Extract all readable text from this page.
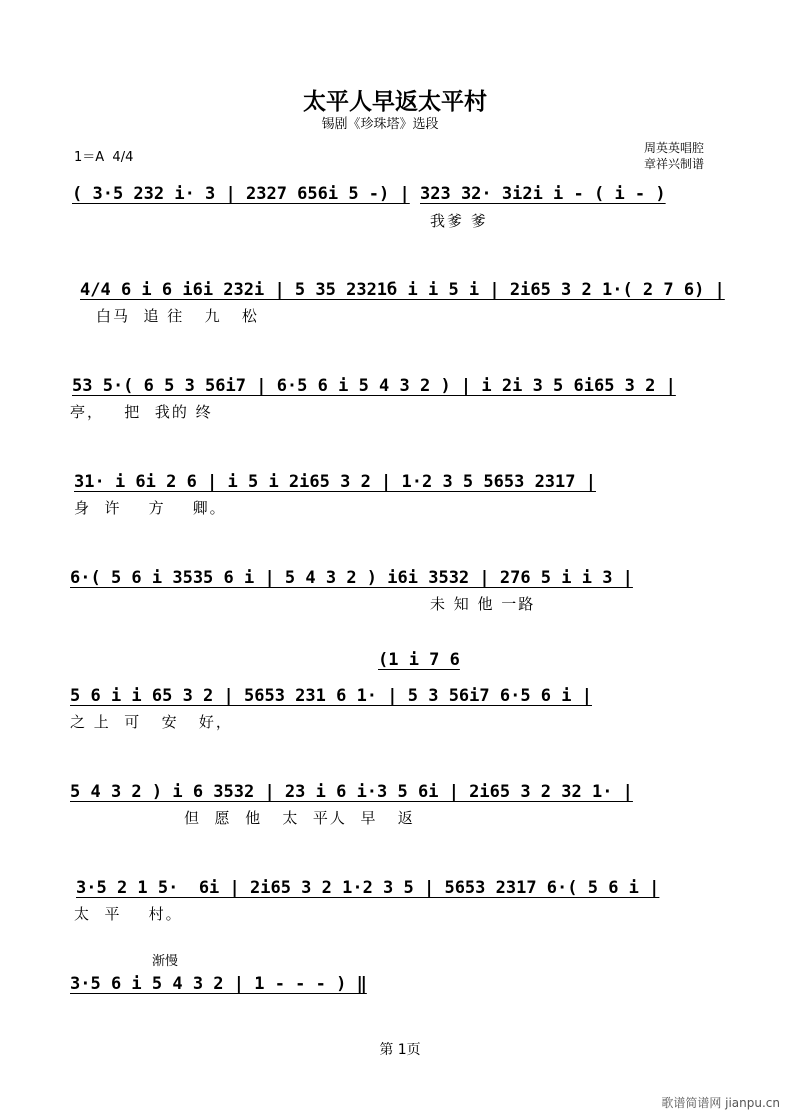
太平人早返太平村
锡剧《珍珠塔》选段
周英英唱腔
章祥兴制谱
1＝A  4/4
( 3·5 232 i· 3 | 2327 656i 5 -) | 323 32· 3i2i i - ( i - )
我爹 爹
4/4 6 i 6 i6i 232i | 5 35 2321б i i 5 i | 2i65 3 2 1·( 2 7 6) |
白马  追 往   九   松
53 5·( 6 5 3 56i7 | 6·5 6 i 5 4 3 2 ) | i 2i 3 5 6i65 3 2 |
亭，   把  我的 终
31· i 6i 2 6 | i 5 i 2i65 3 2 | 1·2 3 5 5653 2317 |
身  许    方    卿。
6·( 5 6 i 3535 6 i | 5 4 3 2 ) i6i 3532 | 276 5 i i 3 |
未 知 他 一路
(1 i 7 6
5 6 i i 65 3 2 | 5653 231 6 1· | 5 3 56i7 6·5 6 i |
之 上  可   安   好，
5 4 3 2 ) i 6 3532 | 23 i 6 i·3 5 6i | 2i65 3 2 32 1· |
但  愿  他   太  平人  早   返
3·5 2 1 5·  6i | 2i65 3 2 1·2 3 5 | 5653 2317 6·( 5 6 i |
太  平    村。
渐慢
3·5 6 i 5 4 3 2 | 1 - - - ) ‖
第 1页
歌谱简谱网 jianpu.cn
